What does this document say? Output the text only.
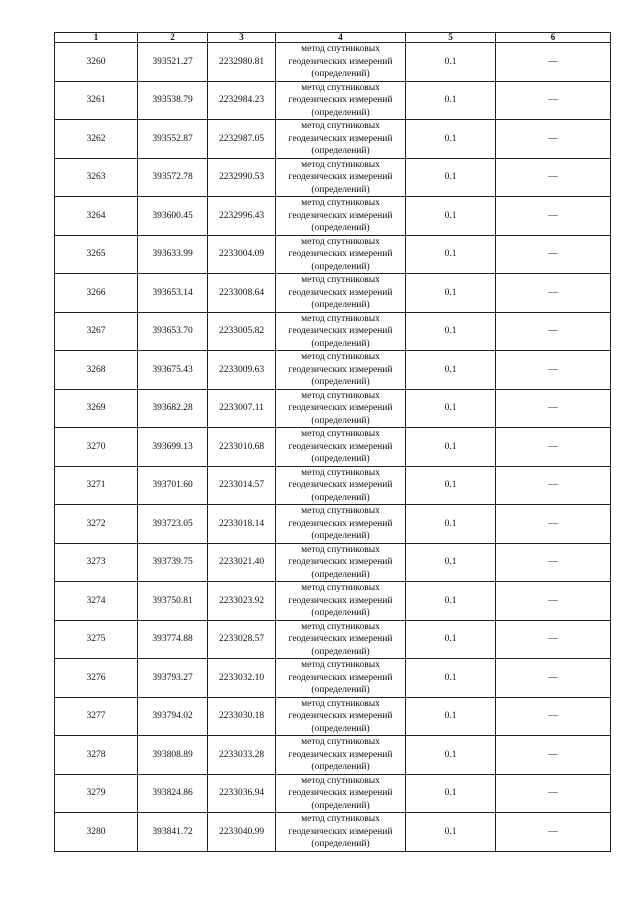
1	2	3	4	5	6
3260	393521.27	2232980.81	метод спутниковых
геодезических измерений
(определений)	0.1	—
3261	393538.79	2232984.23	метод спутниковых
геодезических измерений
(определений)	0.1	—
3262	393552.87	2232987.05	метод спутниковых
геодезических измерений
(определений)	0.1	—
3263	393572.78	2232990.53	метод спутниковых
геодезических измерений
(определений)	0.1	—
3264	393600.45	2232996.43	метод спутниковых
геодезических измерений
(определений)	0.1	—
3265	393633.99	2233004.09	метод спутниковых
геодезических измерений
(определений)	0.1	—
3266	393653.14	2233008.64	метод спутниковых
геодезических измерений
(определений)	0.1	—
3267	393653.70	2233005.82	метод спутниковых
геодезических измерений
(определений)	0.1	—
3268	393675.43	2233009.63	метод спутниковых
геодезических измерений
(определений)	0.1	—
3269	393682.28	2233007.11	метод спутниковых
геодезических измерений
(определений)	0.1	—
3270	393699.13	2233010.68	метод спутниковых
геодезических измерений
(определений)	0.1	—
3271	393701.60	2233014.57	метод спутниковых
геодезических измерений
(определений)	0.1	—
3272	393723.05	2233018.14	метод спутниковых
геодезических измерений
(определений)	0.1	—
3273	393739.75	2233021.40	метод спутниковых
геодезических измерений
(определений)	0.1	—
3274	393750.81	2233023.92	метод спутниковых
геодезических измерений
(определений)	0.1	—
3275	393774.88	2233028.57	метод спутниковых
геодезических измерений
(определений)	0.1	—
3276	393793.27	2233032.10	метод спутниковых
геодезических измерений
(определений)	0.1	—
3277	393794.02	2233030.18	метод спутниковых
геодезических измерений
(определений)	0.1	—
3278	393808.89	2233033.28	метод спутниковых
геодезических измерений
(определений)	0.1	—
3279	393824.86	2233036.94	метод спутниковых
геодезических измерений
(определений)	0.1	—
3280	393841.72	2233040.99	метод спутниковых
геодезических измерений
(определений)	0.1	—
